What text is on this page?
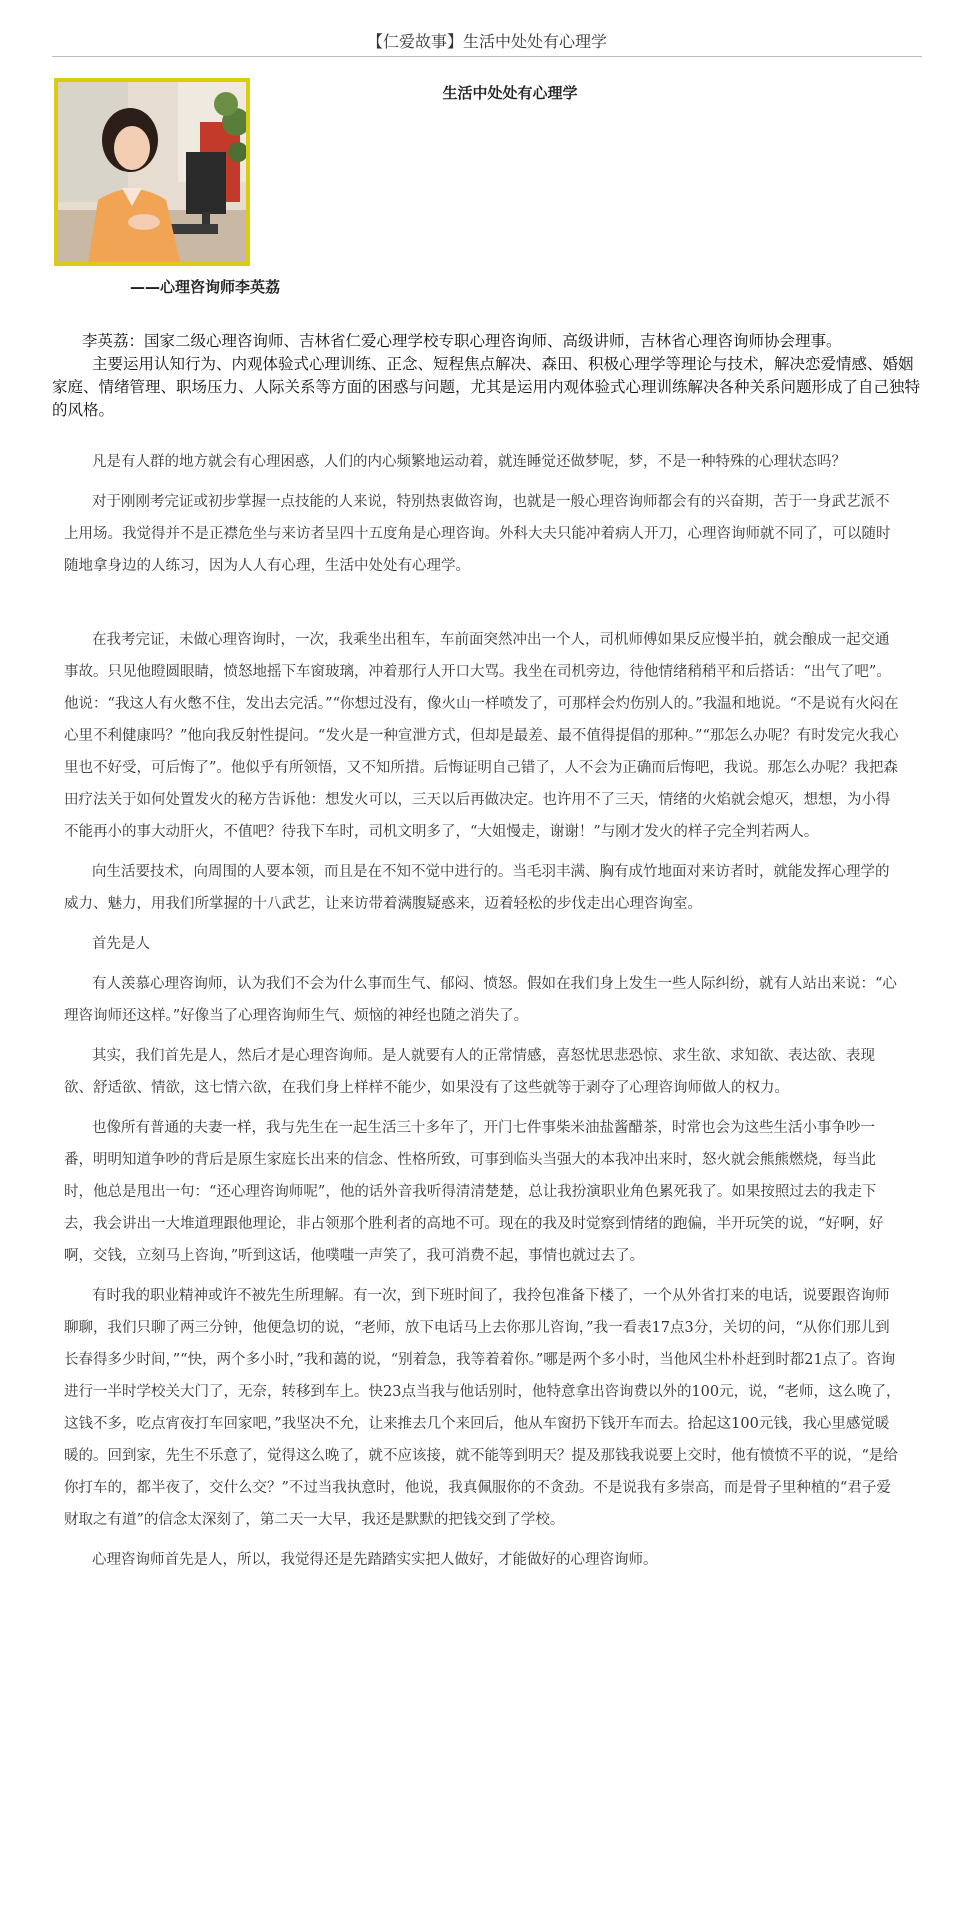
【仁爱故事】生活中处处有心理学
——心理咨询师李英荔
生活中处处有心理学

李英荔：国家二级心理咨询师、吉林省仁爱心理学校专职心理咨询师、高级讲师，吉林省心理咨询师协会理事。

主要运用认知行为、内观体验式心理训练、正念、短程焦点解决、森田、积极心理学等理论与技术，解决恋爱情感、婚姻家庭、情绪管理、职场压力、人际关系等方面的困惑与问题，尤其是运用内观体验式心理训练解决各种关系问题形成了自己独特的风格。

凡是有人群的地方就会有心理困惑，人们的内心频繁地运动着，就连睡觉还做梦呢，梦，不是一种特殊的心理状态吗？

对于刚刚考完证或初步掌握一点技能的人来说，特别热衷做咨询，也就是一般心理咨询师都会有的兴奋期，苦于一身武艺派不上用场。我觉得并不是正襟危坐与来访者呈四十五度角是心理咨询。外科大夫只能冲着病人开刀，心理咨询师就不同了，可以随时随地拿身边的人练习，因为人人有心理，生活中处处有心理学。

在我考完证，未做心理咨询时，一次，我乘坐出租车，车前面突然冲出一个人，司机师傅如果反应慢半拍，就会酿成一起交通事故。只见他瞪圆眼睛，愤怒地摇下车窗玻璃，冲着那行人开口大骂。我坐在司机旁边，待他情绪稍稍平和后搭话：“出气了吧”。他说：“我这人有火憋不住，发出去完活。”“你想过没有，像火山一样喷发了，可那样会灼伤别人的。”我温和地说。“不是说有火闷在心里不利健康吗？”他向我反射性提问。“发火是一种宣泄方式，但却是最差、最不值得提倡的那种。”“那怎么办呢？有时发完火我心里也不好受，可后悔了”。他似乎有所领悟，又不知所措。后悔证明自己错了，人不会为正确而后悔吧，我说。那怎么办呢？我把森田疗法关于如何处置发火的秘方告诉他：想发火可以，三天以后再做决定。也许用不了三天，情绪的火焰就会熄灭，想想，为小得不能再小的事大动肝火，不值吧？待我下车时，司机文明多了，“大姐慢走，谢谢！”与刚才发火的样子完全判若两人。

向生活要技术，向周围的人要本领，而且是在不知不觉中进行的。当毛羽丰满、胸有成竹地面对来访者时，就能发挥心理学的威力、魅力，用我们所掌握的十八武艺，让来访带着满腹疑惑来，迈着轻松的步伐走出心理咨询室。

首先是人

有人羡慕心理咨询师，认为我们不会为什么事而生气、郁闷、愤怒。假如在我们身上发生一些人际纠纷，就有人站出来说：“心理咨询师还这样。”好像当了心理咨询师生气、烦恼的神经也随之消失了。

其实，我们首先是人，然后才是心理咨询师。是人就要有人的正常情感，喜怒忧思悲恐惊、求生欲、求知欲、表达欲、表现欲、舒适欲、情欲，这七情六欲，在我们身上样样不能少，如果没有了这些就等于剥夺了心理咨询师做人的权力。

也像所有普通的夫妻一样，我与先生在一起生活三十多年了，开门七件事柴米油盐酱醋茶，时常也会为这些生活小事争吵一番，明明知道争吵的背后是原生家庭长出来的信念、性格所致，可事到临头当强大的本我冲出来时，怒火就会熊熊燃烧，每当此时，他总是甩出一句：“还心理咨询师呢”，他的话外音我听得清清楚楚，总让我扮演职业角色累死我了。如果按照过去的我走下去，我会讲出一大堆道理跟他理论，非占领那个胜利者的高地不可。现在的我及时觉察到情绪的跑偏，半开玩笑的说，“好啊，好啊，交钱，立刻马上咨询，”听到这话，他噗嗤一声笑了，我可消费不起，事情也就过去了。

有时我的职业精神或许不被先生所理解。有一次，到下班时间了，我拎包准备下楼了，一个从外省打来的电话，说要跟咨询师聊聊，我们只聊了两三分钟，他便急切的说，“老师，放下电话马上去你那儿咨询，”我一看表17点3分，关切的问，“从你们那儿到长春得多少时间，”“快，两个多小时，”我和蔼的说，“别着急，我等着着你。”哪是两个多小时，当他风尘朴朴赶到时都21点了。咨询进行一半时学校关大门了，无奈，转移到车上。快23点当我与他话别时，他特意拿出咨询费以外的100元，说，“老师，这么晚了，这钱不多，吃点宵夜打车回家吧，”我坚决不允，让来推去几个来回后，他从车窗扔下钱开车而去。拾起这100元钱，我心里感觉暖暖的。回到家，先生不乐意了，觉得这么晚了，就不应该接，就不能等到明天？提及那钱我说要上交时，他有愤愤不平的说，“是给你打车的，都半夜了，交什么交？”不过当我执意时，他说，我真佩服你的不贪劲。不是说我有多崇高，而是骨子里种植的“君子爱财取之有道”的信念太深刻了，第二天一大早，我还是默默的把钱交到了学校。

心理咨询师首先是人，所以，我觉得还是先踏踏实实把人做好，才能做好的心理咨询师。
